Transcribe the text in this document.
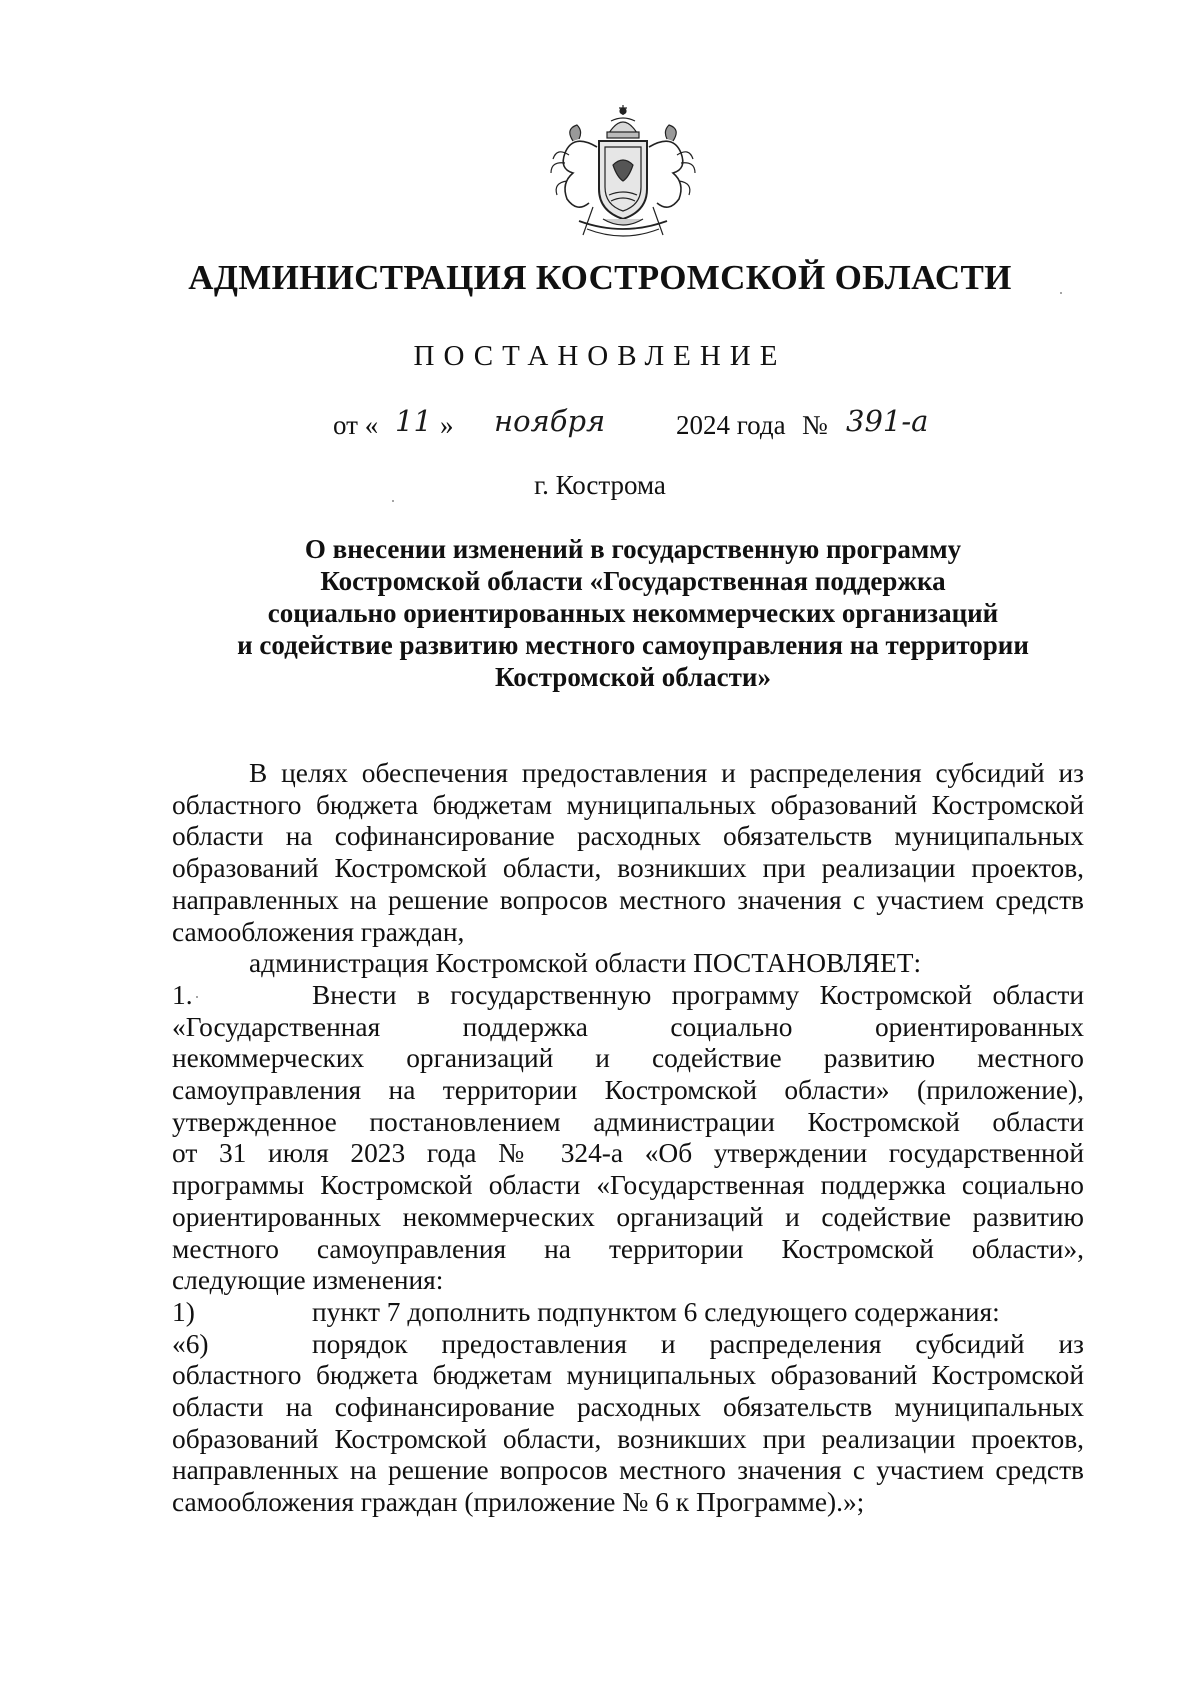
АДМИНИСТРАЦИЯ КОСТРОМСКОЙ ОБЛАСТИ
ПОСТАНОВЛЕНИЕ
от « 11 » ноября	2024 года № 391-а
г. Кострома
О внесении изменений в государственную программу
Костромской области «Государственная поддержка
социально ориентированных некоммерческих организаций
и содействие развитию местного самоуправления на территории
Костромской области»
В целях обеспечения предоставления и распределения субсидий из
областного бюджета бюджетам муниципальных образований Костромской
области на софинансирование расходных обязательств муниципальных
образований Костромской области, возникших при реализации проектов,
направленных на решение вопросов местного значения с участием средств
самообложения граждан,
администрация Костромской области ПОСТАНОВЛЯЕТ:
1.	Внести в государственную программу Костромской области
«Государственная поддержка социально ориентированных
некоммерческих организаций и содействие развитию местного
самоуправления на территории Костромской области» (приложение),
утвержденное постановлением администрации Костромской области
от 31 июля 2023 года № 324-а «Об утверждении государственной
программы Костромской области «Государственная поддержка социально
ориентированных некоммерческих организаций и содействие развитию
местного самоуправления на территории Костромской области»,
следующие изменения:
1)	пункт 7 дополнить подпунктом 6 следующего содержания:
«6)	порядок предоставления и распределения субсидий из
областного бюджета бюджетам муниципальных образований Костромской
области на софинансирование расходных обязательств муниципальных
образований Костромской области, возникших при реализации проектов,
направленных на решение вопросов местного значения с участием средств
самообложения граждан (приложение № 6 к Программе).»;
